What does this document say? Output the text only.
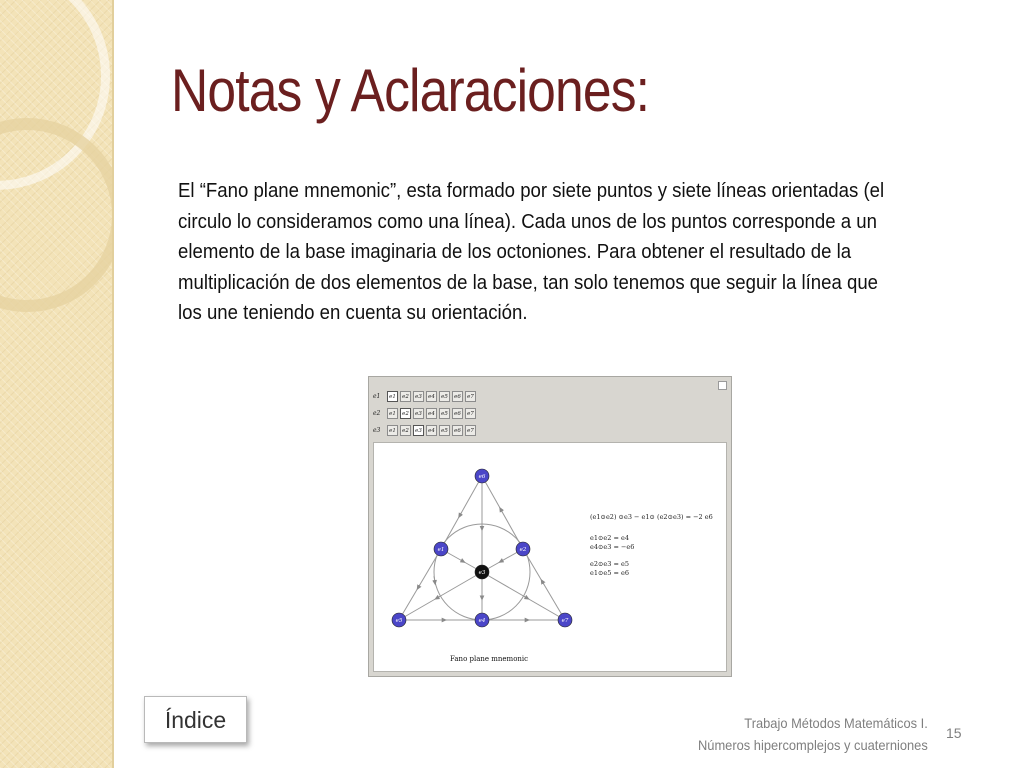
Notas y Aclaraciones:

El “Fano plane mnemonic”, esta formado por siete puntos y siete líneas orientadas (el circulo lo consideramos como una línea). Cada unos de los puntos corresponde a un elemento de la base imaginaria de los octoniones. Para obtener el resultado de la multiplicación de dos elementos de la base, tan solo tenemos que seguir la línea que los une teniendo en cuenta su orientación.

e1	e1	e2	e3	e4	e5	e6	e7
e2	e1	e2	e3	e4	e5	e6	e7
e3	e1	e2	e3	e4	e5	e6	e7
e6
e1	e2
e3
e5	e4	e7
(e1⊙e2) ⊙e3 − e1⊙ (e2⊙e3) = −2 e6
e1⊙e2 = e4
e4⊙e3 = −e6
e2⊙e3 = e5
e1⊙e5 = e6
Fano plane mnemonic
Índice	Trabajo Métodos Matemáticos I.
Números hipercomplejos y cuaterniones
15
